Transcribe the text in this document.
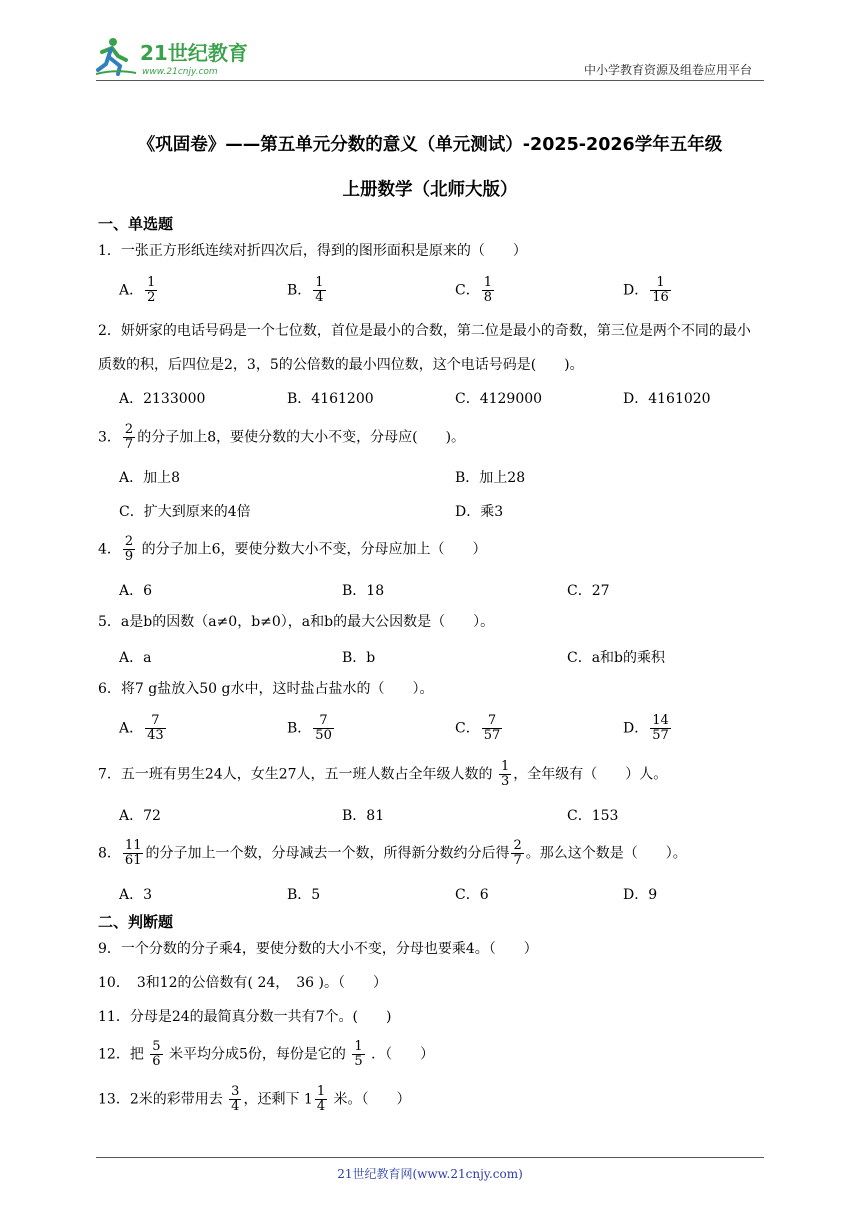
21世纪教育
www.21cnjy.com	中小学教育资源及组卷应用平台
《巩固卷》——第五单元分数的意义（单元测试）-2025-2026学年五年级
上册数学（北师大版）
一、单选题
1．一张正方形纸连续对折四次后，得到的图形面积是原来的（　　）
A． $\frac{1}{2}$	B． $\frac{1}{4}$	C． $\frac{1}{8}$	D． $\frac{1}{16}$
2．妍妍家的电话号码是一个七位数，首位是最小的合数，第二位是最小的奇数，第三位是两个不同的最小质数的积，后四位是2，3，5的公倍数的最小四位数，这个电话号码是(　　)。
A．2133000	B．4161200	C．4129000	D．4161020
3． $\frac{2}{7}$ 的分子加上8，要使分数的大小不变，分母应(　　)。
A．加上8	B．加上28
C．扩大到原来的4倍	D．乘3
4． $\frac{2}{9}$ 的分子加上6，要使分数大小不变，分母应加上（　　）
A．6	B．18	C．27
5．a是b的因数（a≠0，b≠0），a和b的最大公因数是（　　）。
A．a	B．b	C．a和b的乘积
6．将7 g盐放入50 g水中，这时盐占盐水的（　　）。
A． $\frac{7}{43}$	B． $\frac{7}{50}$	C． $\frac{7}{57}$	D． $\frac{14}{57}$
7．五一班有男生24人，女生27人，五一班人数占全年级人数的 $\frac{1}{3}$ ，全年级有（　　）人。
A．72	B．81	C．153
8． $\frac{11}{61}$ 的分子加上一个数，分母减去一个数，所得新分数约分后得 $\frac{2}{7}$ 。那么这个数是（　　）。
A．3	B．5	C．6	D．9
二、判断题
9．一个分数的分子乘4，要使分数的大小不变，分母也要乘4。（　　）
10．　3和12的公倍数有( 24，　36 )。（　　）
11．分母是24的最简真分数一共有7个。(　　)
12．把 $\frac{5}{6}$ 米平均分成5份，每份是它的 $\frac{1}{5}$ ．（　　）
13．2米的彩带用去 $\frac{3}{4}$ ，还剩下 $1 \frac{1}{4}$ 米。（　　）
21世纪教育网(www.21cnjy.com)
